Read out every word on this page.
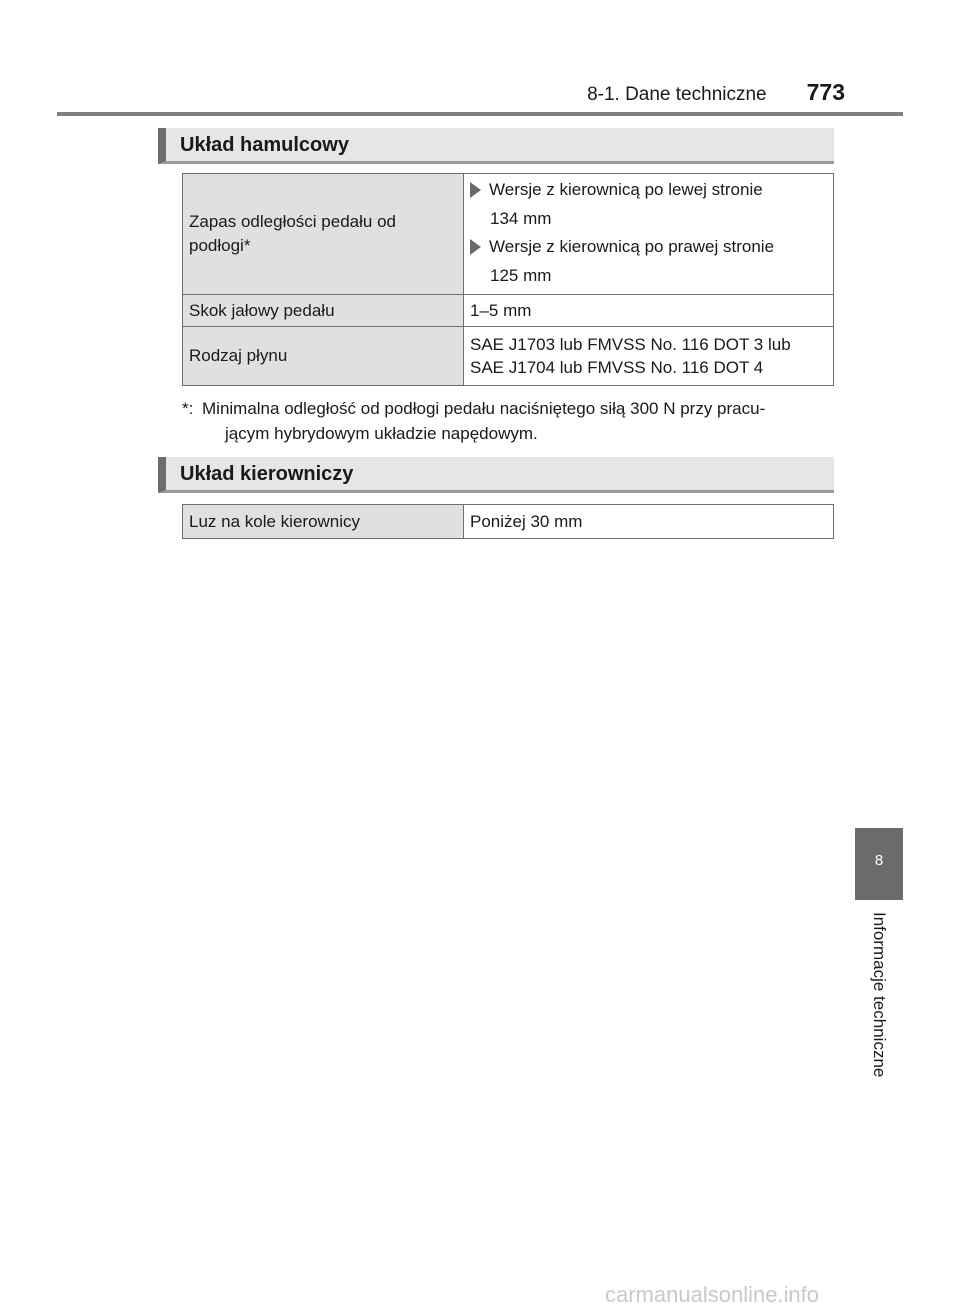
8-1. Dane techniczne 773
Układ hamulcowy
Zapas odległości pedału od podłogi*	Wersje z kierownicą po lewej stronie
134 mm
Wersje z kierownicą po prawej stronie
125 mm

Skok jałowy pedału	1–5 mm
Rodzaj płynu	SAE J1703 lub FMVSS No. 116 DOT 3 lub
SAE J1704 lub FMVSS No. 116 DOT 4
*: Minimalna odległość od podłogi pedału naciśniętego siłą 300 N przy pracu-
jącym hybrydowym układzie napędowym.
Układ kierowniczy
Luz na kole kierownicy	Poniżej 30 mm
8
Informacje techniczne
carmanualsonline.info
